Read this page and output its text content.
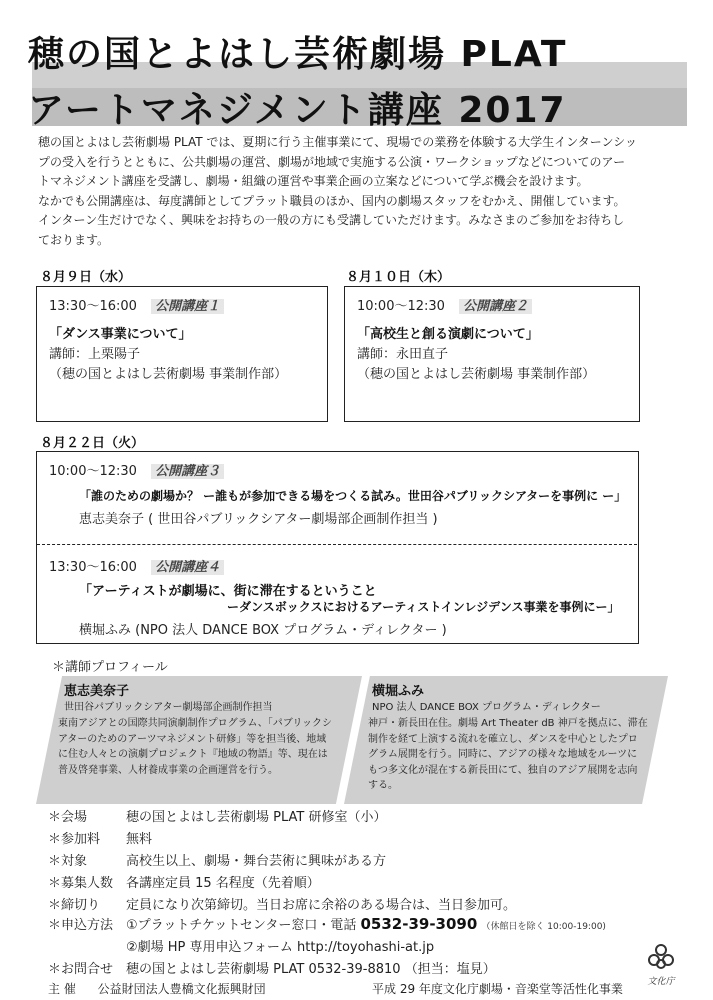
穂の国とよはし芸術劇場 PLAT
アートマネジメント講座 2017
穂の国とよはし芸術劇場 PLAT では、夏期に行う主催事業にて、現場での業務を体験する大学生インターンシッ
プの受入を行うとともに、公共劇場の運営、劇場が地域で実施する公演・ワークショップなどについてのアー
トマネジメント講座を受講し、劇場・組織の運営や事業企画の立案などについて学ぶ機会を設けます。
なかでも公開講座は、毎度講師としてプラット職員のほか、国内の劇場スタッフをむかえ、開催しています。
インターン生だけでなく、興味をお持ちの一般の方にも受講していただけます。みなさまのご参加をお待ちし
ております。
８月９日（水）
13:30～16:00 公開講座１
「ダンス事業について」
講師：上栗陽子
（穂の国とよはし芸術劇場 事業制作部）
８月１０日（木）
10:00～12:30 公開講座２
「高校生と創る演劇について」
講師：永田直子
（穂の国とよはし芸術劇場 事業制作部）
８月２２日（火）
10:00～12:30 公開講座３
「誰のための劇場か？ ー誰もが参加できる場をつくる試み。世田谷パブリックシアターを事例に ー」
恵志美奈子 ( 世田谷パブリックシアター劇場部企画制作担当 )
13:30～16:00 公開講座４
「アーティストが劇場に、街に滞在するということ
ーダンスボックスにおけるアーティストインレジデンス事業を事例にー」
横堀ふみ (NPO 法人 DANCE BOX プログラム・ディレクター )
＊講師プロフィール
恵志美奈子
世田谷パブリックシアター劇場部企画制作担当
東南アジアとの国際共同演劇制作プログラム、「パブリックシ
アターのためのアーツマネジメント研修」等を担当後、地域
に住む人々との演劇プロジェクト『地域の物語』等、現在は
普及啓発事業、人材養成事業の企画運営を行う。
横堀ふみ
NPO 法人 DANCE BOX プログラム・ディレクター
神戸・新長田在住。劇場 Art Theater dB 神戸を拠点に、滞在
制作を経て上演する流れを確立し、ダンスを中心としたプロ
グラム展開を行う。同時に、アジアの様々な地域をルーツに
もつ多文化が混在する新長田にて、独自のアジア展開を志向
する。
＊会場	穂の国とよはし芸術劇場 PLAT 研修室（小）
＊参加料 無料
＊対象	高校生以上、劇場・舞台芸術に興味がある方
＊募集人数 各講座定員 15 名程度（先着順）
＊締切り 定員になり次第締切。当日お席に余裕のある場合は、当日参加可。
＊申込方法 ①プラットチケットセンター窓口・電話 0532-39-3090 （休館日を除く 10:00-19:00)
②劇場 HP 専用申込フォーム http://toyohashi-at.jp
＊お問合せ 穂の国とよはし芸術劇場 PLAT 0532-39-8810 （担当：塩見）
主 催 公益財団法人豊橋文化振興財団	平成 29 年度文化庁劇場・音楽堂等活性化事業	文化庁
